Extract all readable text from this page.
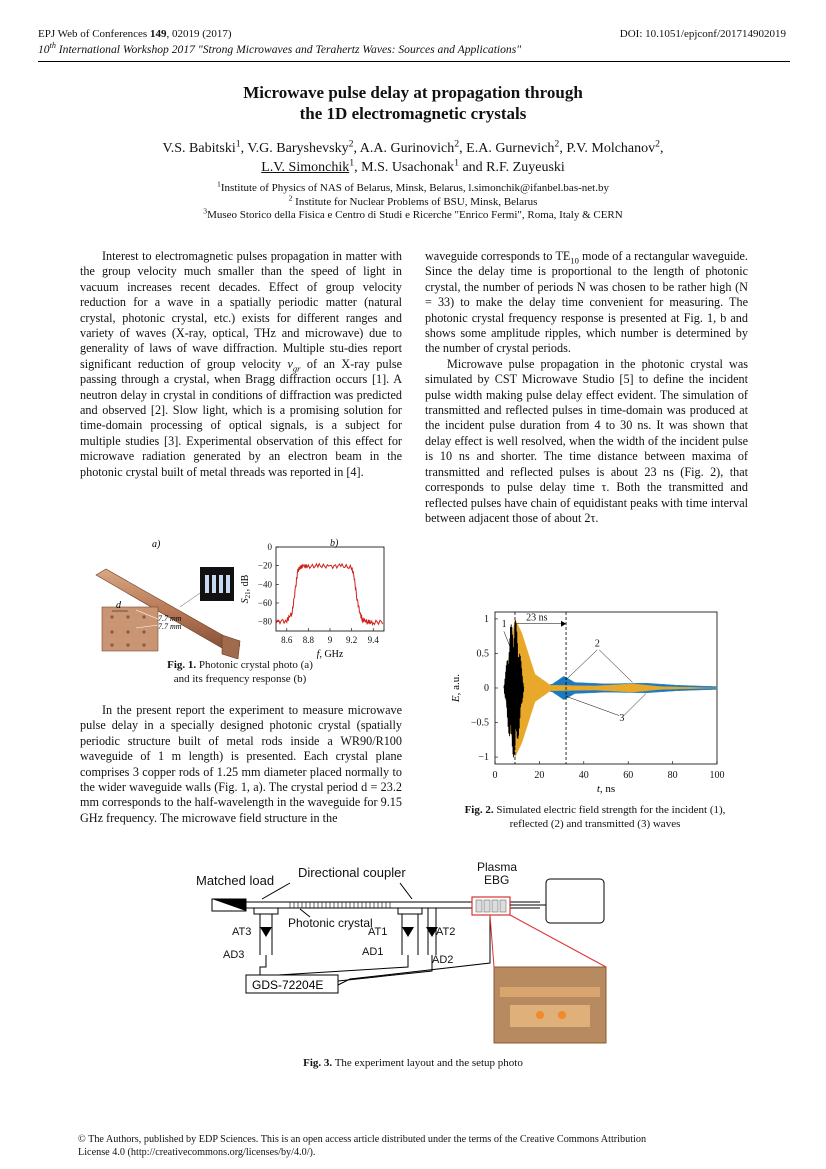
EPJ Web of Conferences 149, 02019 (2017)	DOI: 10.1051/epjconf/201714902019
10th International Workshop 2017 "Strong Microwaves and Terahertz Waves: Sources and Applications"
Microwave pulse delay at propagation through
the 1D electromagnetic crystals
V.S. Babitski$^1$, V.G. Baryshevsky$^2$, A.A. Gurinovich$^2$, E.A. Gurnevich$^2$, P.V. Molchanov$^2$,
L.V. Simonchik$^1$, M.S. Usachonak$^1$ and R.F. Zuyeuski
$^1$Institute of Physics of NAS of Belarus, Minsk, Belarus, l.simonchik@ifanbel.bas-net.by
$^2$ Institute for Nuclear Problems of BSU, Minsk, Belarus
$^3$Museo Storico della Fisica e Centro di Studi e Ricerche "Enrico Fermi", Roma, Italy & CERN

Interest to electromagnetic pulses propagation in matter with the group velocity much smaller than the speed of light in vacuum increases recent decades. Effect of group velocity reduction for a wave in a spatially periodic matter (natural crystal, photonic crystal, etc.) exists for different ranges and variety of waves (X-ray, optical, THz and microwave) due to generality of laws of wave diffraction. Multiple stu-dies report significant reduction of group velocity $v_{gr}$ of an X-ray pulse passing through a crystal, when Bragg diffraction occurs [1]. A neutron delay in crystal in conditions of diffraction was predicted and observed [2]. Slow light, which is a promising solution for time-domain processing of optical signals, is a subject for multiple studies [3]. Experimental observation of this effect for microwave radiation generated by an electron beam in the photonic crystal built of metal threads was reported in [4].

d
7.7 mm
7.7 mm
a)	0
−20
−40
−60
−80
8.6 8.8 9 9.2 9.4
b)
$S_{21}$, dB
f, GHz
Fig. 1. Photonic crystal photo (a)
and its frequency response (b)

In the present report the experiment to measure microwave pulse delay in a specially designed photonic crystal (spatially periodic structure built of metal rods inside a WR90/R100 waveguide of 1 m length) is presented. Each crystal plane comprises 3 copper rods of 1.25 mm diameter placed normally to the wider waveguide walls (Fig. 1, a). The crystal period d = 23.2 mm corresponds to the half-wavelength in the waveguide for 9.15 GHz frequency. The microwave field structure in the

waveguide corresponds to $TE_{10}$ mode of a rectangular waveguide. Since the delay time is proportional to the length of photonic crystal, the number of periods N was chosen to be rather high (N = 33) to make the delay time convenient for measuring. The photonic crystal frequency response is presented at Fig. 1, b and shows some amplitude ripples, which number is determined by the number of crystal periods.

Microwave pulse propagation in the photonic crystal was simulated by CST Microwave Studio [5] to define the incident pulse width making pulse delay effect evident. The simulation of transmitted and reflected pulses in time-domain was produced at the incident pulse duration from 4 to 30 ns. It was shown that delay effect is well resolved, when the width of the incident pulse is 10 ns and shorter. The time distance between maxima of transmitted and reflected pulses is about 23 ns (Fig. 2), that corresponds to pulse delay time τ. Both the transmitted and reflected pulses have chain of equidistant peaks with time interval between adjacent those of about 2τ.

1
0.5
0
−0.5
−1
0	20	40	60	80	100
23 ns
1
2
3
E, a.u.
t, ns
Fig. 2. Simulated electric field strength for the incident (1),
reflected (2) and transmitted (3) waves
Matched load
Directional coupler
Photonic crystal
Plasma
EBG
AT3
AD3
AT1
AD1
AT2
AD2
GDS-72204E
Fig. 3. The experiment layout and the setup photo
© The Authors, published by EDP Sciences. This is an open access article distributed under the terms of the Creative Commons Attribution
License 4.0 (http://creativecommons.org/licenses/by/4.0/).
